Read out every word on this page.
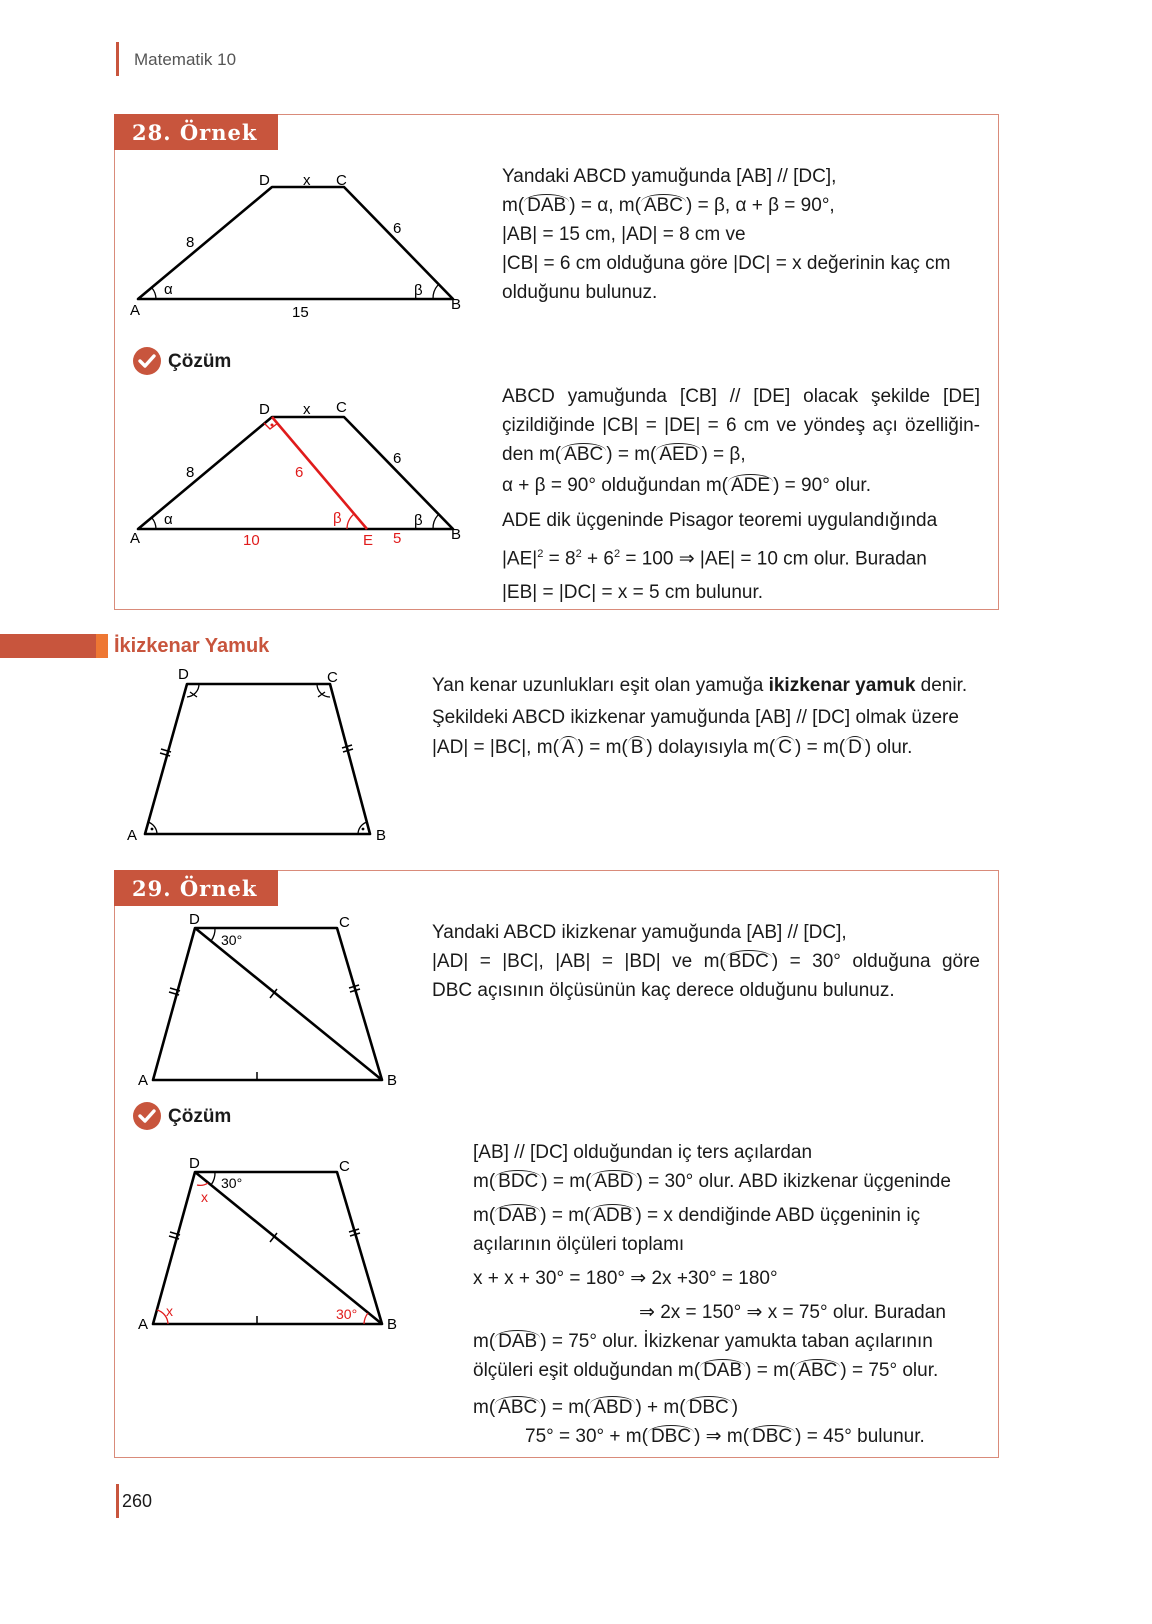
Matematik 10
28. Örnek
D x C
8
6
α	β
A	B
15
Yandaki ABCD yamuğunda [AB] // [DC],
m( DAB ) = α, m( ABC ) = β, α + β = 90°,
|AB| = 15 cm, |AD| = 8 cm ve
|CB| = 6 cm olduğuna göre |DC| = x değerinin kaç cm
olduğunu bulunuz.
Çözüm
D x C
8
6
6
α	β	β
A	10	E 5	B
ABCD yamuğunda [CB] // [DE] olacak şekilde [DE]
çizildiğinde |CB| = |DE| = 6 cm ve yöndeş açı özelliğin-
den m( ABC ) = m( AED ) = β,
α + β = 90° olduğundan m( ADE ) = 90° olur.
ADE dik üçgeninde Pisagor teoremi uygulandığında
$|AE|^2 = 8^2 + 6^2 = 100$ ⇒ |AE| = 10 cm olur. Buradan
|EB| = |DC| = x = 5 cm bulunur.
İkizkenar Yamuk
D	C
A	B
Yan kenar uzunlukları eşit olan yamuğa ikizkenar yamuk denir.
Şekildeki ABCD ikizkenar yamuğunda [AB] // [DC] olmak üzere
|AD| = |BC|, m( A ) = m( B ) dolayısıyla m( C ) = m( D ) olur.
29. Örnek
D	C
30°
A	B
Yandaki ABCD ikizkenar yamuğunda [AB] // [DC],
|AD| = |BC|, |AB| = |BD| ve m( BDC ) = 30° olduğuna göre
DBC açısının ölçüsünün kaç derece olduğunu bulunuz.
Çözüm
D	C
30°
x
x	30°
A	B
[AB] // [DC] olduğundan iç ters açılardan
m( BDC ) = m( ABD ) = 30° olur. ABD ikizkenar üçgeninde
m( DAB ) = m( ADB ) = x dendiğinde ABD üçgeninin iç
açılarının ölçüleri toplamı
x + x + 30° = 180° ⇒ 2x +30° = 180°
⇒ 2x = 150° ⇒ x = 75° olur. Buradan
m( DAB ) = 75° olur. İkizkenar yamukta taban açılarının
ölçüleri eşit olduğundan m( DAB ) = m( ABC ) = 75° olur.
m( ABC ) = m( ABD ) + m( DBC )
75° = 30° + m( DBC ) ⇒ m( DBC ) = 45° bulunur.
260
